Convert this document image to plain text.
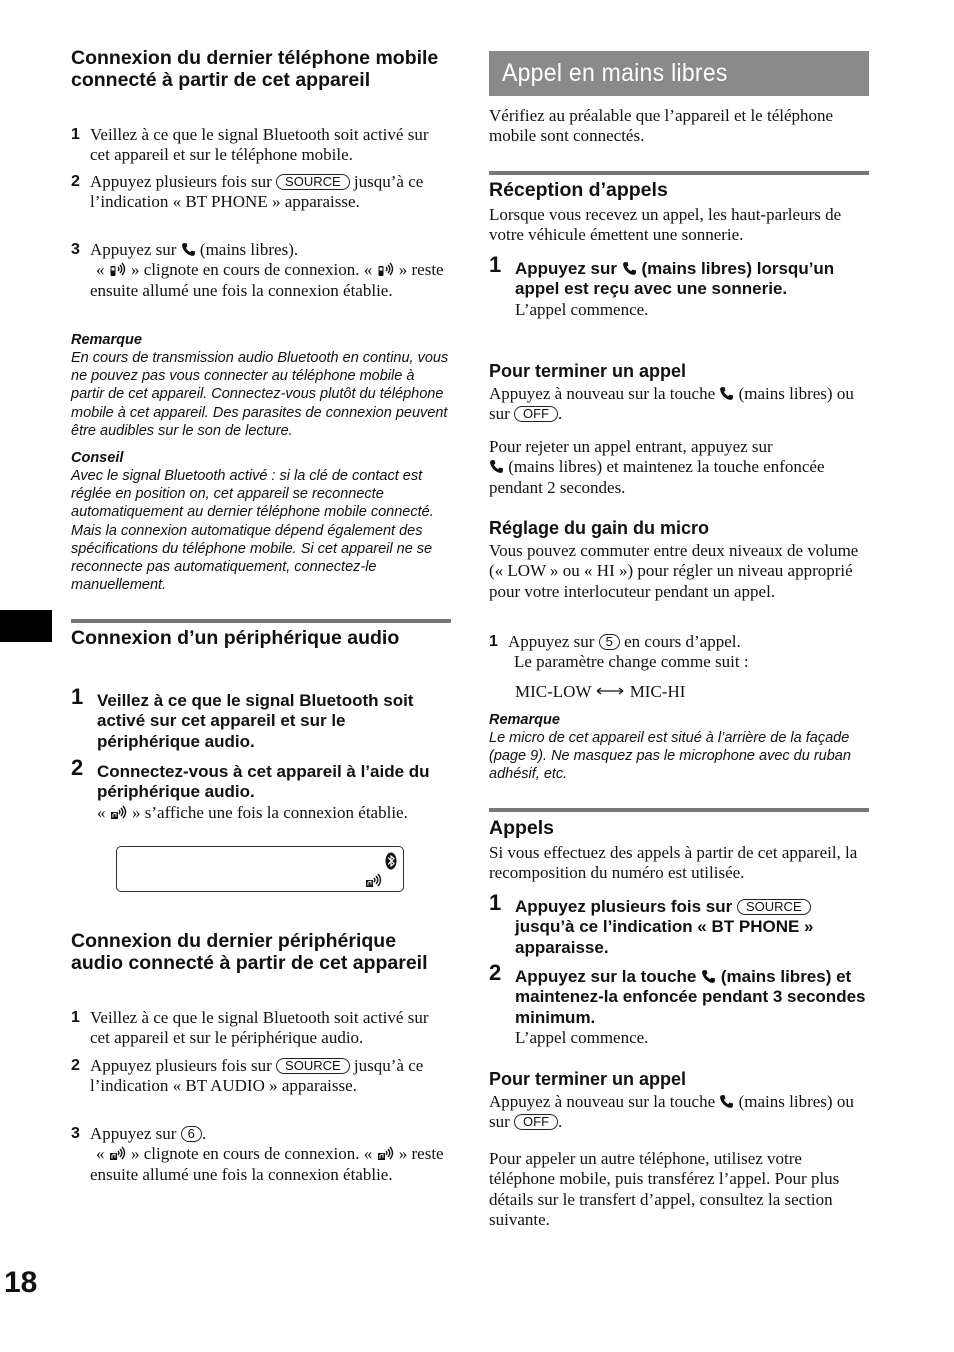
Connexion du dernier téléphone mobile connecté à partir de cet appareil
1 Veillez à ce que le signal Bluetooth soit activé sur cet appareil et sur le téléphone mobile.
2 Appuyez plusieurs fois sur SOURCE jusqu’à ce l’indication « BT PHONE » apparaisse.
3 Appuyez sur (mains libres).
« » clignote en cours de connexion. « » reste ensuite allumé une fois la connexion établie.
Remarque
En cours de transmission audio Bluetooth en continu, vous ne pouvez pas vous connecter au téléphone mobile à partir de cet appareil. Connectez-vous plutôt du téléphone mobile à cet appareil. Des parasites de connexion peuvent être audibles sur le son de lecture.
Conseil
Avec le signal Bluetooth activé : si la clé de contact est réglée en position on, cet appareil se reconnecte automatiquement au dernier téléphone mobile connecté. Mais la connexion automatique dépend également des spécifications du téléphone mobile. Si cet appareil ne se reconnecte pas automatiquement, connectez-le manuellement.
Connexion d’un périphérique audio
1 Veillez à ce que le signal Bluetooth soit activé sur cet appareil et sur le périphérique audio.
2 Connectez-vous à cet appareil à l’aide du périphérique audio.
« » s’affiche une fois la connexion établie.
Connexion du dernier périphérique audio connecté à partir de cet appareil
1 Veillez à ce que le signal Bluetooth soit activé sur cet appareil et sur le périphérique audio.
2 Appuyez plusieurs fois sur SOURCE jusqu’à ce l’indication « BT AUDIO » apparaisse.
3 Appuyez sur 6 .
« » clignote en cours de connexion. « » reste ensuite allumé une fois la connexion établie.
Appel en mains libres

Vérifiez au préalable que l’appareil et le téléphone mobile sont connectés.

Réception d’appels

Lorsque vous recevez un appel, les haut-parleurs de votre véhicule émettent une sonnerie.

1 Appuyez sur (mains libres) lorsqu’un appel est reçu avec une sonnerie.
L’appel commence.
Pour terminer un appel

Appuyez à nouveau sur la touche (mains libres) ou sur OFF .

Pour rejeter un appel entrant, appuyez sur
(mains libres) et maintenez la touche enfoncée pendant 2 secondes.

Réglage du gain du micro

Vous pouvez commuter entre deux niveaux de volume (« LOW » ou « HI ») pour régler un niveau approprié pour votre interlocuteur pendant un appel.

1 Appuyez sur 5 en cours d’appel.
Le paramètre change comme suit :
MIC-LOW MIC-HI
Remarque
Le micro de cet appareil est situé à l’arrière de la façade (page 9). Ne masquez pas le microphone avec du ruban adhésif, etc.
Appels

Si vous effectuez des appels à partir de cet appareil, la recomposition du numéro est utilisée.

1 Appuyez plusieurs fois sur SOURCE jusqu’à ce l’indication « BT PHONE » apparaisse.
2 Appuyez sur la touche (mains libres) et maintenez-la enfoncée pendant 3 secondes minimum.
L’appel commence.
Pour terminer un appel

Appuyez à nouveau sur la touche (mains libres) ou sur OFF .

Pour appeler un autre téléphone, utilisez votre téléphone mobile, puis transférez l’appel. Pour plus détails sur le transfert d’appel, consultez la section suivante.

18
